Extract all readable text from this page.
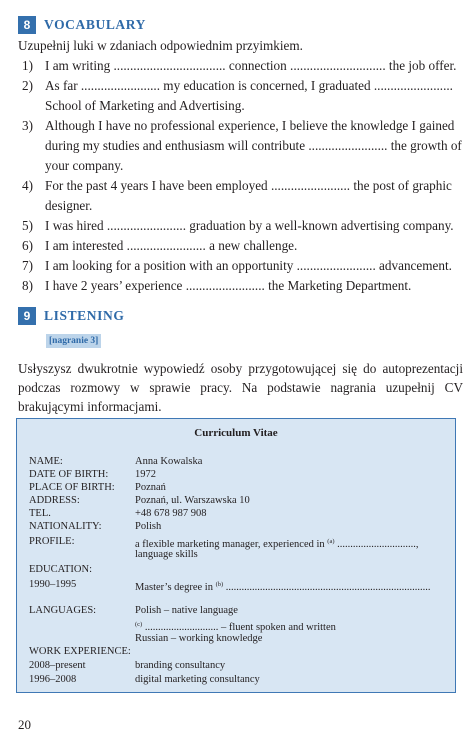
8	VOCABULARY
Uzupełnij luki w zdaniach odpowiednim przyimkiem.
1) I am writing .................................. connection ............................. the job offer.
2) As far ........................ my education is concerned, I graduated ........................ School of Marketing and Advertising.
3) Although I have no professional experience, I believe the knowledge I gained during my studies and enthusiasm will contribute ........................ the growth of your company.
4) For the past 4 years I have been employed ........................ the post of graphic designer.
5) I was hired ........................ graduation by a well-known advertising company.
6) I am interested ........................ a new challenge.
7) I am looking for a position with an opportunity ........................ advancement.
8) I have 2 years’ experience ........................ the Marketing Department.
9	LISTENING
[nagranie 3]
Usłyszysz dwukrotnie wypowiedź osoby przygotowującej się do autoprezentacji podczas rozmowy w sprawie pracy. Na podstawie nagrania uzupełnij CV brakującymi informacjami.
Curriculum Vitae
NAME:	Anna Kowalska
DATE OF BIRTH:	1972
PLACE OF BIRTH: Poznań
ADDRESS:	Poznań, ul. Warszawska 10
TEL.	+48 678 987 908
NATIONALITY:	Polish
PROFILE:	a flexible marketing manager, experienced in $^{(a)}$ ..............................,
language skills
EDUCATION:
1990–1995	Master’s degree in $^{(b)}$ ..............................................................................
LANGUAGES:	Polish – native language
$^{(c)}$ ............................ – fluent spoken and written
Russian – working knowledge
WORK EXPERIENCE:
2008–present	branding consultancy
1996–2008	digital marketing consultancy
20
